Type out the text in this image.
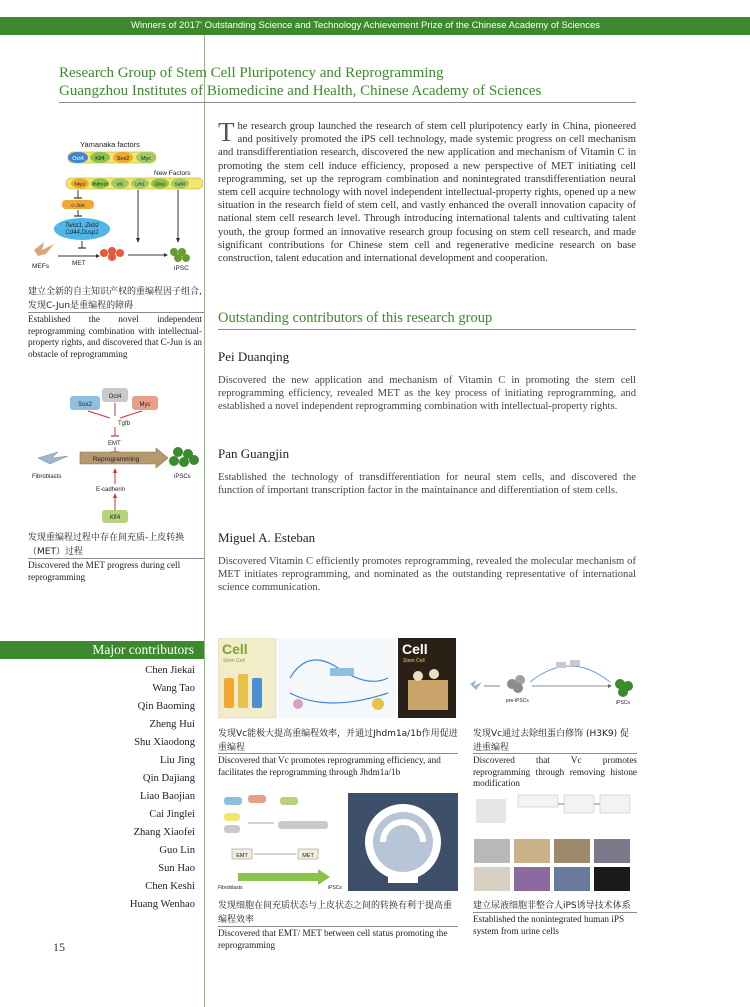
Winners of 2017' Outstanding Science and Technology Achievement Prize of the Chinese Academy of Sciences
Research Group of Stem Cell Pluripotency and Reprogramming
Guangzhou Institutes of Biomedicine and Health, Chinese Academy of Sciences
The research group launched the research of stem cell pluripotency early in China, pioneered and positively promoted the iPS cell technology, made systemic progress on cell mechanism and transdifferentiation research, discovered the new application and mechanism of Vitamin C in promoting the stem cell induce efficiency, proposed a new perspective of MET initiating cell reprogramming, set up the reprogram combination and nonintegrated transdifferentiation neural stem cell acquire technology with novel independent intellectual-property rights, opened up a new situation in the research field of stem cell, and vastly enhanced the overall innovation capacity of national stem cell research level. Through introducing international talents and cultivating talent youth, the group formed an innovative research group focusing on stem cell research, and made significant contributions for Chinese stem cell and regenerative medicine research on base construction, talent education and international development and cooperation.
Yamanaka factors
Oct4 Klf4 Sox2 Myc
New Factors
Nkp2 Jhdm1b Id1 Lrh1 Glis1 Sall4
c-Jun
Twist1, Zeb2
Cd44,Dusp1
MEFs	MET
iPSC
建立全新的自主知识产权的重编程因子组合, 发现C-Jun是重编程的障碍
Established the novel independent reprogramming combination with intellectual-property rights, and discovered that C-Jun is an obstacle of reprogramming
Oct4
Sox2	Myc
Tgfb
EMT
Reprogramming
Fibroblasts	iPSCs
E-cadherin
Klf4
发现重编程过程中存在间充质-上皮转换（MET）过程
Discovered the MET progress during cell reprogramming
Outstanding contributors of this research group
Pei Duanqing
Discovered the new application and mechanism of Vitamin C in promoting the stem cell reprogramming efficiency, revealed MET as the key process of initiating reprogramming, and established a novel independent reprogramming combination with intellectual-property rights.
Pan Guangjin
Established the technology of transdifferentiation for neural stem cells, and discovered the function of important transcription factor in the maintainance and differentiation of stem cells.
Miguel A. Esteban
Discovered Vitamin C efficiently promotes reprogramming, revealed the molecular mechanism of MET initiates reprogramming, and nominated as the outstanding representative of international science communication.
Major contributors
Chen Jiekai
Wang Tao
Qin Baoming
Zheng Hui
Shu Xiaodong
Liu Jing
Qin Dajiang
Liao Baojian
Cai Jinglei
Zhang Xiaofei
Guo Lin
Sun Hao
Chen Keshi
Huang Wenhao
15
Cell
Stem Cell
Cell
Stem Cell
发现Vc能极大提高重编程效率，并通过Jhdm1a/1b作用促进重编程
Discovered that Vc promotes reprogramming efficiency, and facilitates the reprogramming through Jhdm1a/1b
pre-iPSCs	iPSCs
发现Vc通过去除组蛋白修饰 (H3K9) 促进重编程
Discovered that Vc promotes reprogramming through removing histone modification
EMT	MET
Fibroblasts	iPSCs
发现细胞在间充质状态与上皮状态之间的转换有利于提高重编程效率
Discovered that EMT/ MET between cell status promoting the reprogramming
建立尿液细胞非整合人iPS诱导技术体系
Established the nonintegrated human iPS system from urine cells
